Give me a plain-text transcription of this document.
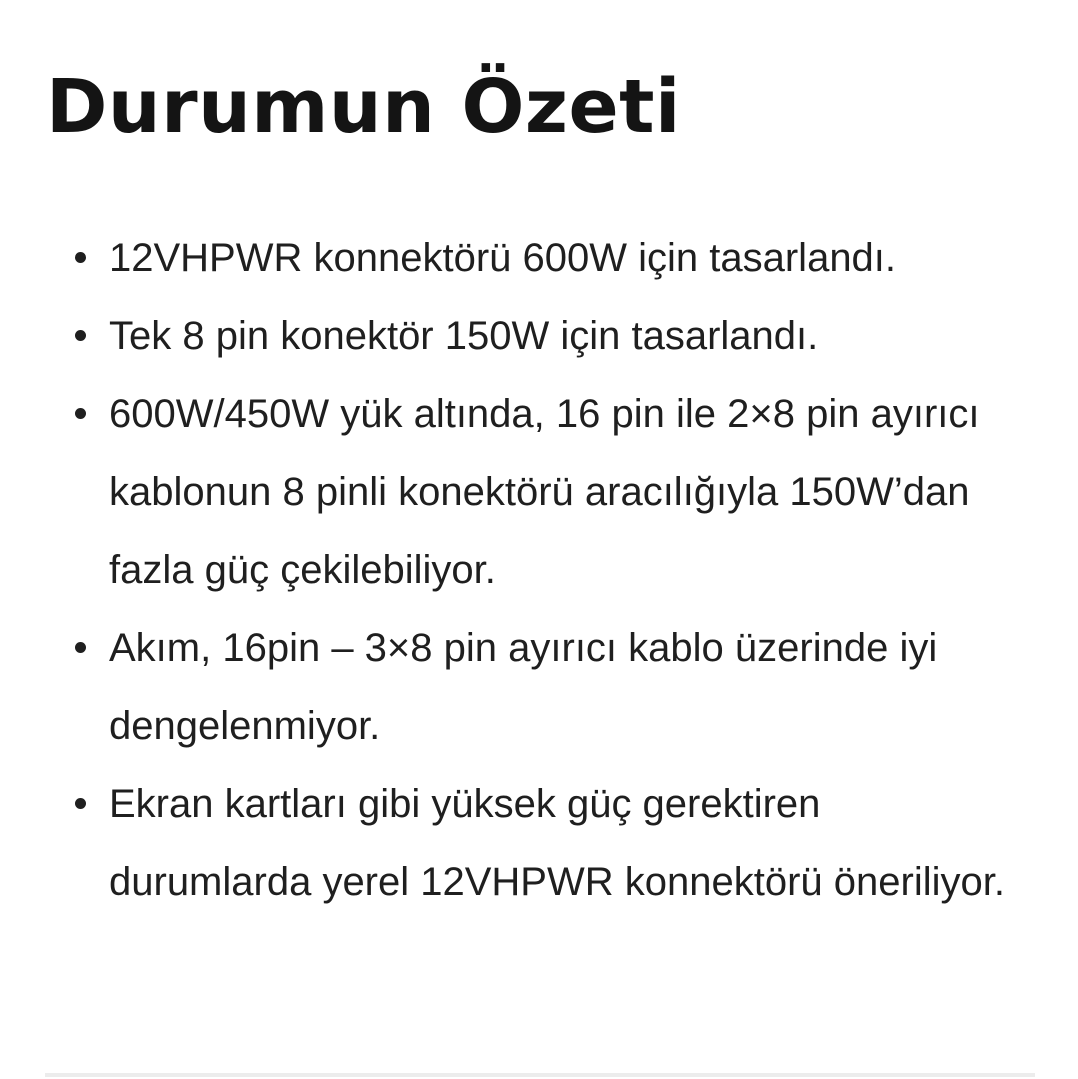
Durumun Özeti
12VHPWR konnektörü 600W için tasarlandı.
Tek 8 pin konektör 150W için tasarlandı.
600W/450W yük altında, 16 pin ile 2×8 pin ayırıcı kablonun 8 pinli konektörü aracılığıyla 150W’dan fazla güç çekilebiliyor.
Akım, 16pin – 3×8 pin ayırıcı kablo üzerinde iyi dengelenmiyor.
Ekran kartları gibi yüksek güç gerektiren durumlarda yerel 12VHPWR konnektörü öneriliyor.
